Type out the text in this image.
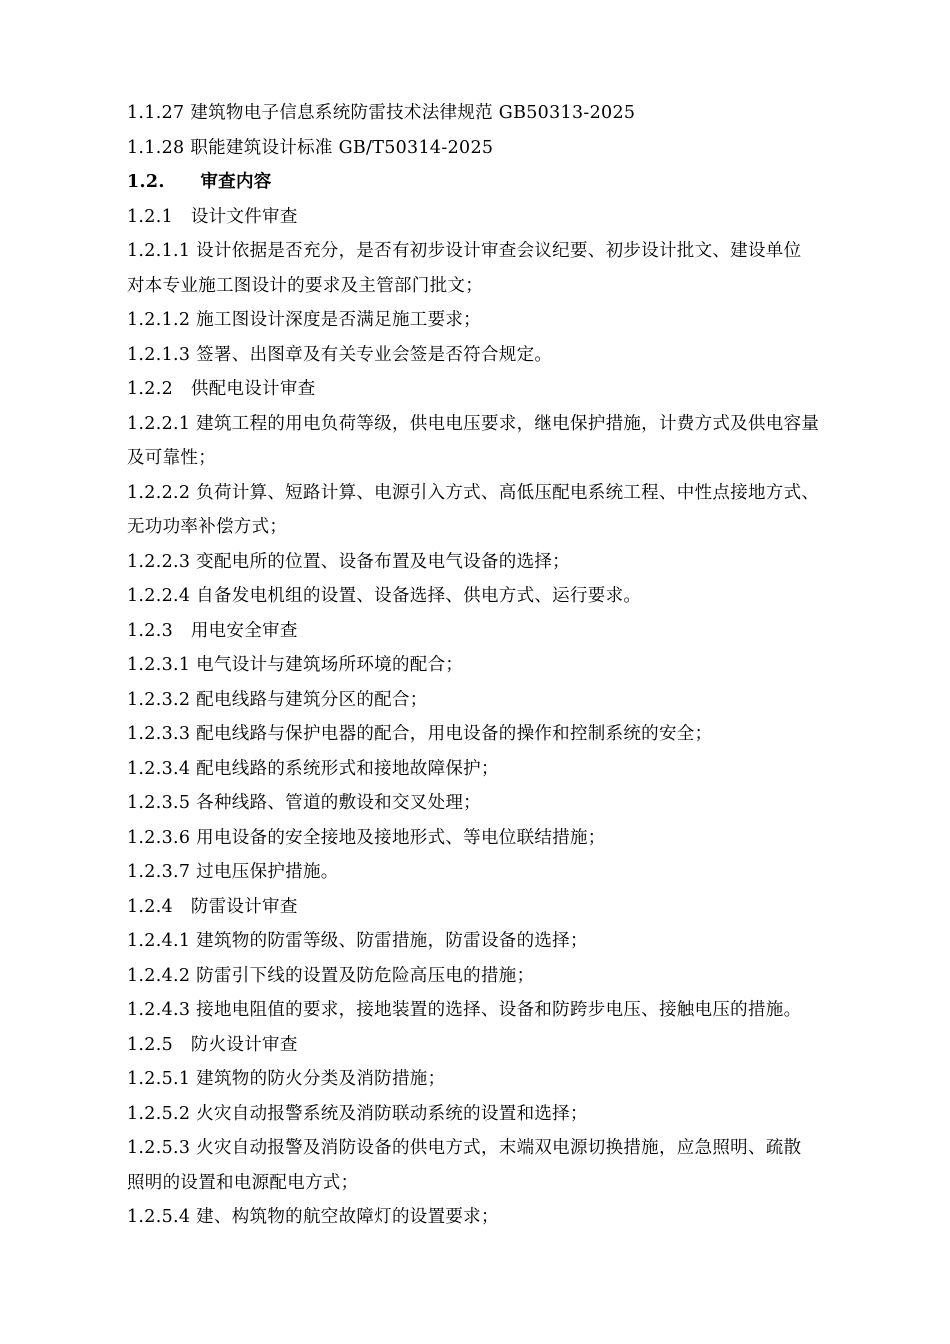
1.1.27 建筑物电子信息系统防雷技术法律规范 GB50313-2025
1.1.28 职能建筑设计标准 GB/T50314-2025
1.2.　　审查内容
1.2.1　设计文件审查
1.2.1.1 设计依据是否充分，是否有初步设计审查会议纪要、初步设计批文、建设单位
对本专业施工图设计的要求及主管部门批文；
1.2.1.2 施工图设计深度是否满足施工要求；
1.2.1.3 签署、出图章及有关专业会签是否符合规定。
1.2.2　供配电设计审查
1.2.2.1 建筑工程的用电负荷等级，供电电压要求，继电保护措施，计费方式及供电容量
及可靠性；
1.2.2.2 负荷计算、短路计算、电源引入方式、高低压配电系统工程、中性点接地方式、
无功功率补偿方式；
1.2.2.3 变配电所的位置、设备布置及电气设备的选择；
1.2.2.4 自备发电机组的设置、设备选择、供电方式、运行要求。
1.2.3　用电安全审查
1.2.3.1 电气设计与建筑场所环境的配合；
1.2.3.2 配电线路与建筑分区的配合；
1.2.3.3 配电线路与保护电器的配合，用电设备的操作和控制系统的安全；
1.2.3.4 配电线路的系统形式和接地故障保护；
1.2.3.5 各种线路、管道的敷设和交叉处理；
1.2.3.6 用电设备的安全接地及接地形式、等电位联结措施；
1.2.3.7 过电压保护措施。
1.2.4　防雷设计审查
1.2.4.1 建筑物的防雷等级、防雷措施，防雷设备的选择；
1.2.4.2 防雷引下线的设置及防危险高压电的措施；
1.2.4.3 接地电阻值的要求，接地装置的选择、设备和防跨步电压、接触电压的措施。
1.2.5　防火设计审查
1.2.5.1 建筑物的防火分类及消防措施；
1.2.5.2 火灾自动报警系统及消防联动系统的设置和选择；
1.2.5.3 火灾自动报警及消防设备的供电方式，末端双电源切换措施，应急照明、疏散
照明的设置和电源配电方式；
1.2.5.4 建、构筑物的航空故障灯的设置要求；
